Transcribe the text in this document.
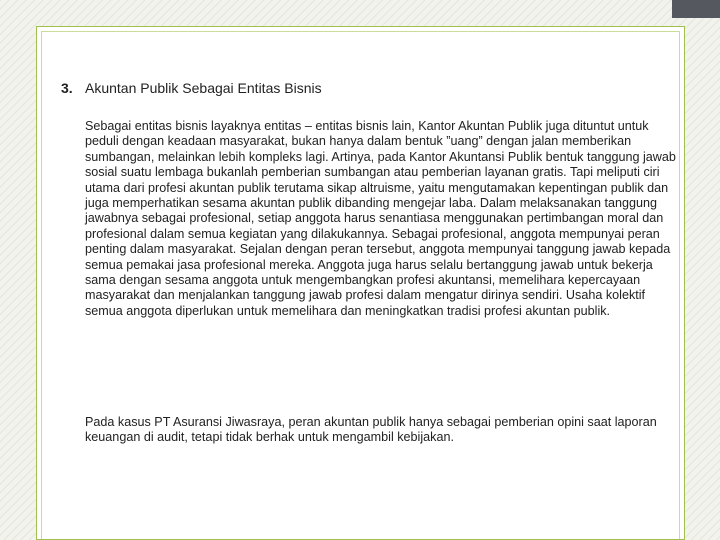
3. Akuntan Publik Sebagai Entitas Bisnis

Sebagai entitas bisnis layaknya entitas – entitas bisnis lain, Kantor Akuntan Publik juga dituntut untuk peduli dengan keadaan masyarakat, bukan hanya dalam bentuk ”uang” dengan jalan memberikan sumbangan, melainkan lebih kompleks lagi. Artinya, pada Kantor Akuntansi Publik bentuk tanggung jawab sosial suatu lembaga bukanlah pemberian sumbangan atau pemberian layanan gratis. Tapi meliputi ciri utama dari profesi akuntan publik terutama sikap altruisme, yaitu mengutamakan kepentingan publik dan juga memperhatikan sesama akuntan publik dibanding mengejar laba. Dalam melaksanakan tanggung jawabnya sebagai profesional, setiap anggota harus senantiasa menggunakan pertimbangan moral dan profesional dalam semua kegiatan yang dilakukannya. Sebagai profesional, anggota mempunyai peran penting dalam masyarakat. Sejalan dengan peran tersebut, anggota mempunyai tanggung jawab kepada semua pemakai jasa profesional mereka. Anggota juga harus selalu bertanggung jawab untuk bekerja sama dengan sesama anggota untuk mengembangkan profesi akuntansi, memelihara kepercayaan masyarakat dan menjalankan tanggung jawab profesi dalam mengatur dirinya sendiri. Usaha kolektif semua anggota diperlukan untuk memelihara dan meningkatkan tradisi profesi akuntan publik.

Pada kasus PT Asuransi Jiwasraya, peran akuntan publik hanya sebagai pemberian opini saat laporan keuangan di audit, tetapi tidak berhak untuk mengambil kebijakan.
